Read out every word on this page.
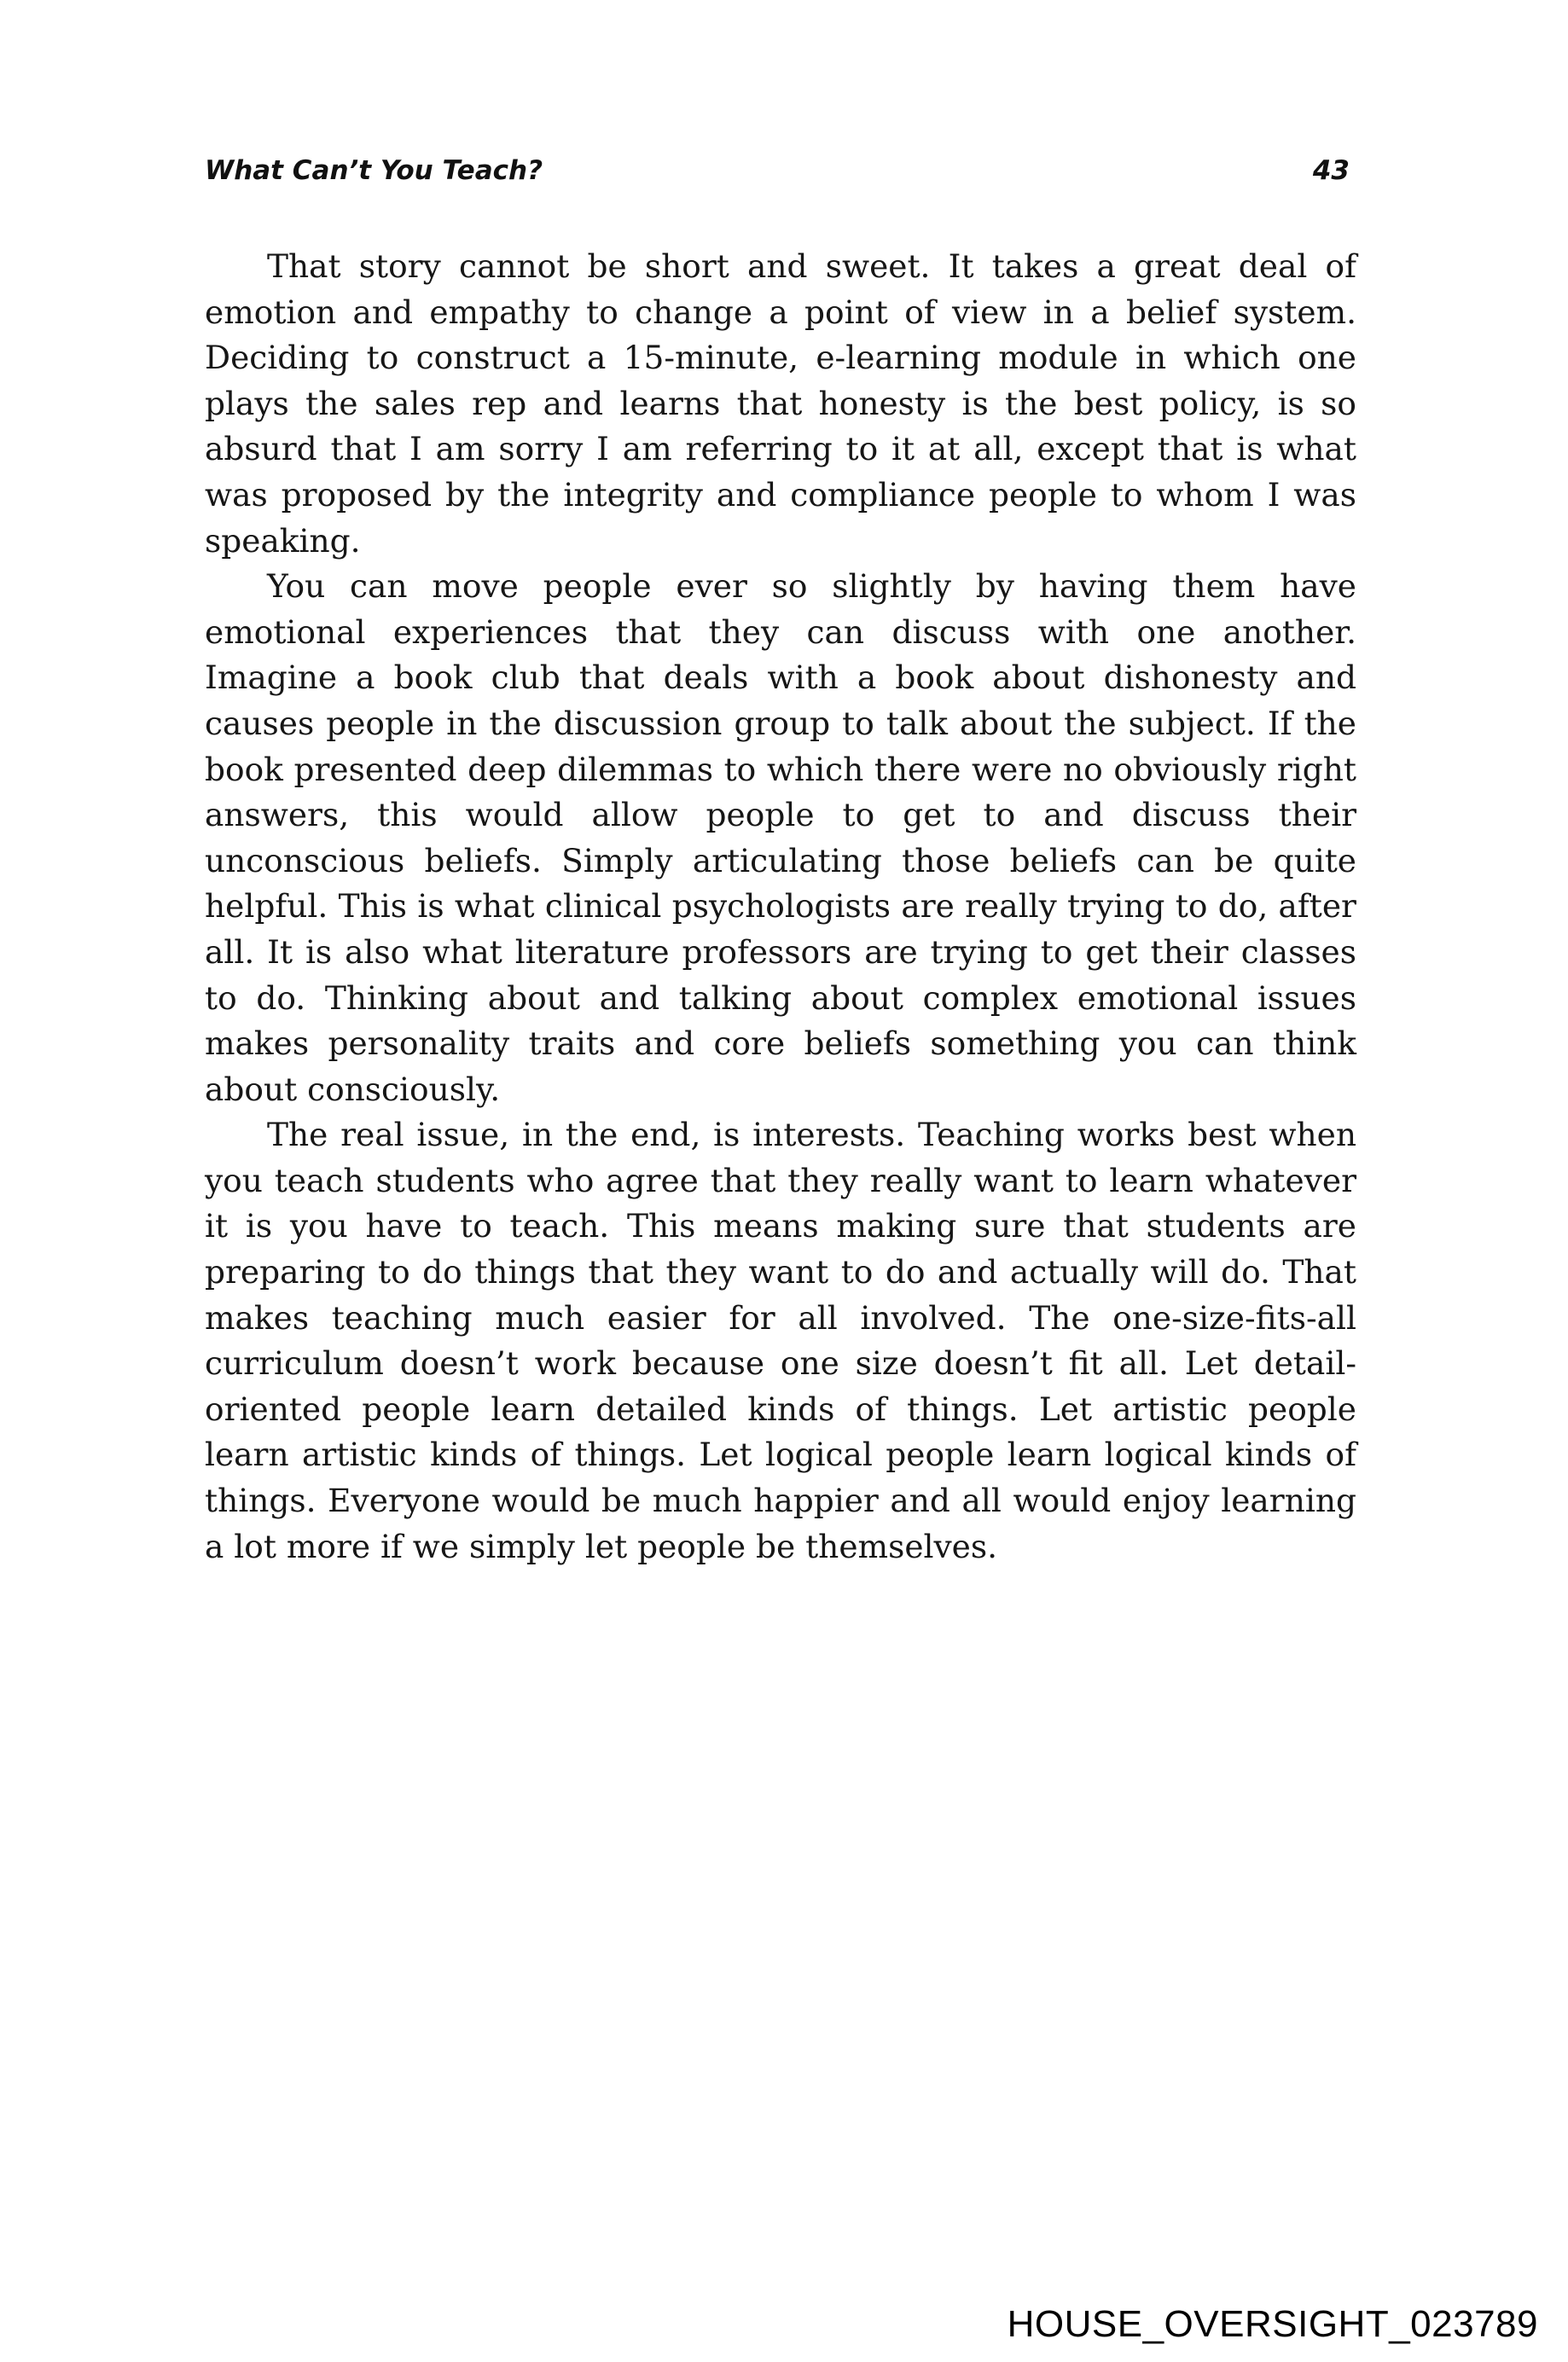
What Can’t You Teach?	43

That story cannot be short and sweet. It takes a great deal of emotion and empathy to change a point of view in a belief system. Deciding to construct a 15-minute, e-learning module in which one plays the sales rep and learns that honesty is the best policy, is so absurd that I am sorry I am referring to it at all, except that is what was proposed by the integrity and compliance people to whom I was speaking.

You can move people ever so slightly by having them have emotional experiences that they can discuss with one another. Imagine a book club that deals with a book about dishonesty and causes people in the discussion group to talk about the subject. If the book presented deep dilemmas to which there were no obviously right answers, this would allow people to get to and discuss their unconscious beliefs. Simply articulating those beliefs can be quite helpful. This is what clinical psychologists are really trying to do, after all. It is also what literature professors are trying to get their classes to do. Thinking about and talking about complex emotional issues makes personality traits and core beliefs something you can think about consciously.

The real issue, in the end, is interests. Teaching works best when you teach students who agree that they really want to learn whatever it is you have to teach. This means making sure that students are preparing to do things that they want to do and actually will do. That makes teaching much easier for all involved. The one-size-fits-all curriculum doesn’t work because one size doesn’t fit all. Let detail-oriented people learn detailed kinds of things. Let artistic people learn artistic kinds of things. Let logical people learn logical kinds of things. Everyone would be much happier and all would enjoy learning a lot more if we simply let people be themselves.

HOUSE_OVERSIGHT_023789
